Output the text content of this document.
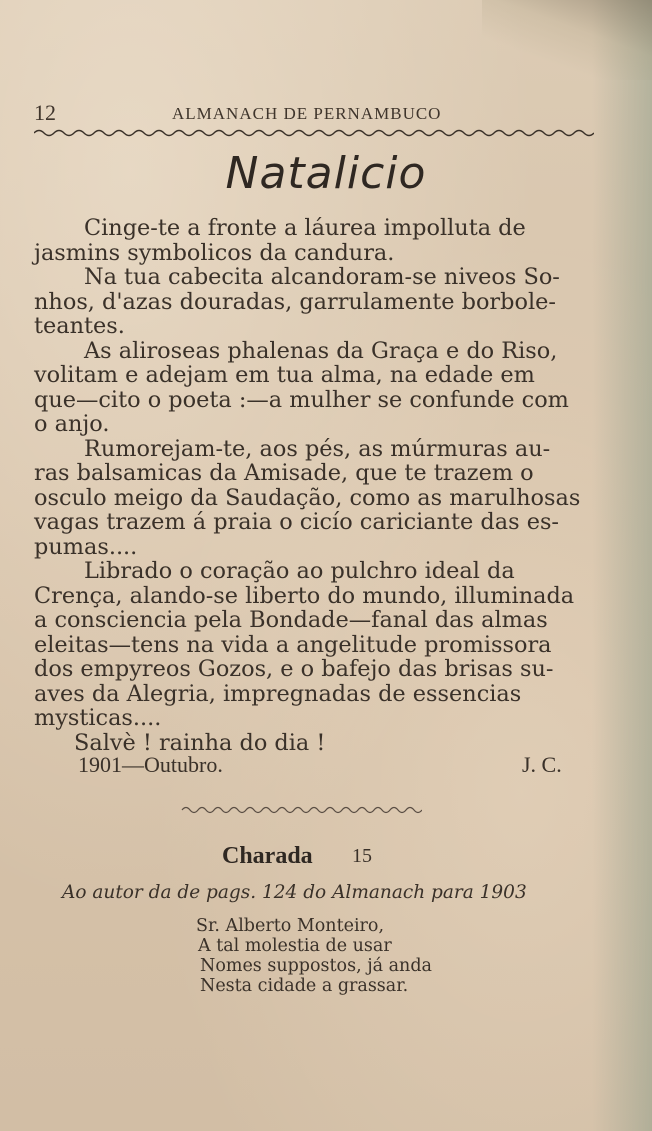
12	ALMANACH DE PERNAMBUCO
Natalicio

Cinge-te a fronte a láurea impolluta de

jasmins symbolicos da candura.

Na tua cabecita alcandoram-se niveos So-

nhos, d'azas douradas, garrulamente borbole-

teantes.

As aliroseas phalenas da Graça e do Riso,

volitam e adejam em tua alma, na edade em

que—cito o poeta :—a mulher se confunde com

o anjo.

Rumorejam-te, aos pés, as múrmuras au-

ras balsamicas da Amisade, que te trazem o

osculo meigo da Saudação, como as marulhosas

vagas trazem á praia o cicío cariciante das es-

pumas....

Librado o coração ao pulchro ideal da

Crença, alando-se liberto do mundo, illuminada

a consciencia pela Bondade—fanal das almas

eleitas—tens na vida a angelitude promissora

dos empyreos Gozos, e o bafejo das brisas su-

aves da Alegria, impregnadas de essencias

mysticas....

Salvè ! rainha do dia !

1901—Outubro.	J. C.
Charada 15
Ao autor da de pags. 124 do Almanach para 1903
Sr. Alberto Monteiro,
A tal molestia de usar
Nomes suppostos, já anda
Nesta cidade a grassar.
